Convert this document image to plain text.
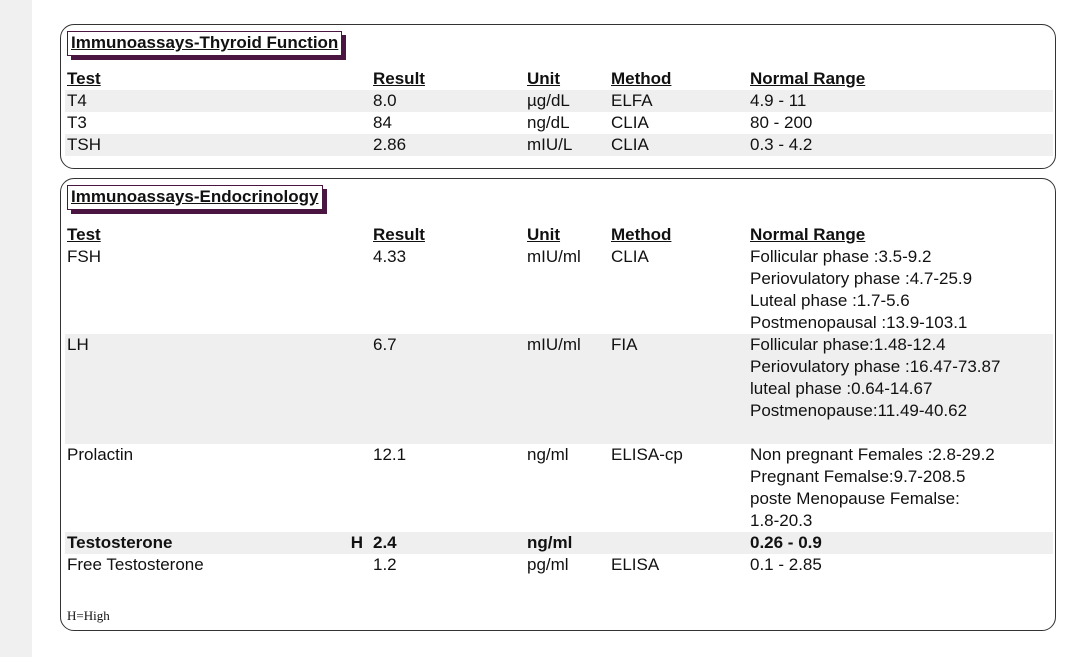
Immunoassays-Thyroid Function
Test		Result	Unit	Method	Normal Range
T4		8.0	µg/dL	ELFA	4.9 - 11

T3		84	ng/dL	CLIA	80 - 200

TSH		2.86	mIU/L	CLIA	0.3 - 4.2
Immunoassays-Endocrinology
Test		Result	Unit	Method	Normal Range
FSH		4.33	mIU/ml	CLIA	Follicular phase :3.5-9.2
Periovulatory phase :4.7-25.9
Luteal phase :1.7-5.6
Postmenopausal :13.9-103.1

LH		6.7	mIU/ml	FIA	Follicular phase:1.48-12.4
Periovulatory phase :16.47-73.87
luteal phase :0.64-14.67
Postmenopause:11.49-40.62

Prolactin		12.1	ng/ml	ELISA-cp	Non pregnant Females :2.8-29.2
Pregnant Femalse:9.7-208.5
poste Menopause Femalse:
1.8-20.3

Testosterone	H	2.4	ng/ml		0.26 - 0.9

Free Testosterone		1.2	pg/ml	ELISA	0.1 - 2.85
H=High
